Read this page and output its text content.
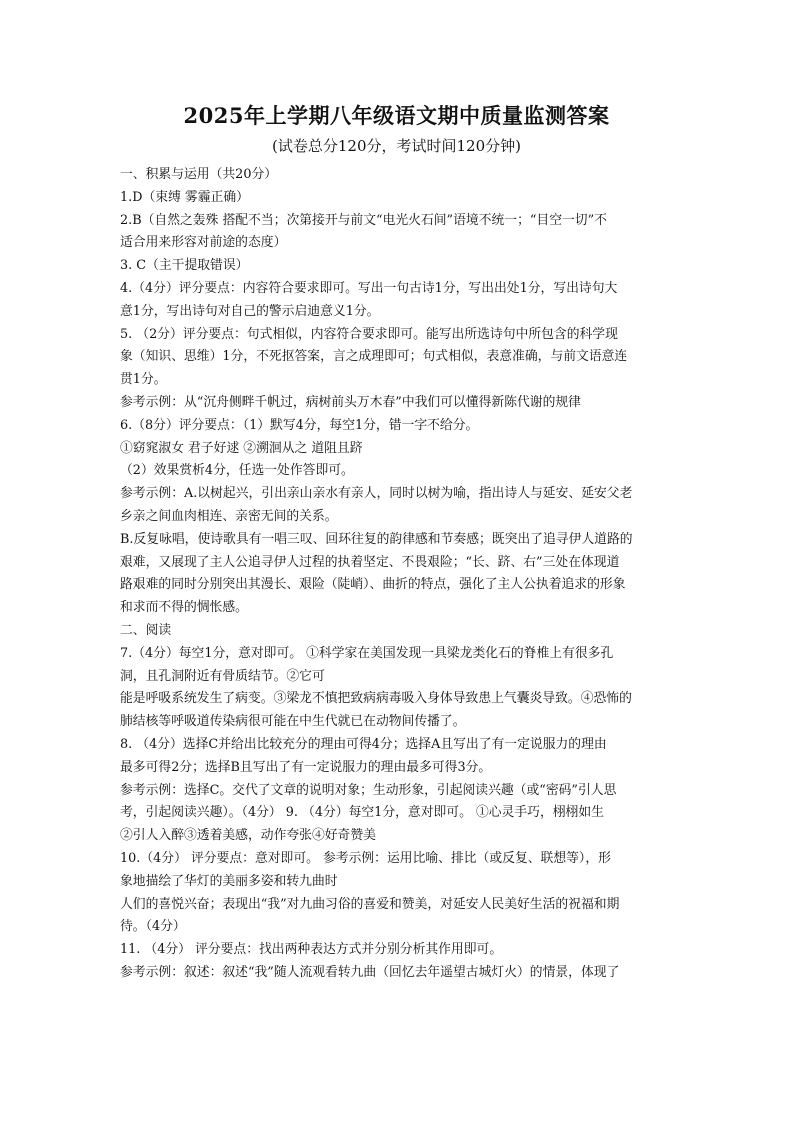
2025年上学期八年级语文期中质量监测答案
(试卷总分120分，考试时间120分钟)

一、积累与运用（共20分）

1.D（束缚 雾霾正确）

2.B（自然之轰殊 搭配不当；次第接开与前文“电光火石间”语境不统一；“目空一切”不

适合用来形容对前途的态度）

3. C（主干提取错误）

4.（4分）评分要点：内容符合要求即可。写出一句古诗1分，写出出处1分，写出诗句大

意1分，写出诗句对自己的警示启迪意义1分。

5. （2分）评分要点：句式相似，内容符合要求即可。能写出所选诗句中所包含的科学现

象（知识、思维）1分，不死抠答案，言之成理即可；句式相似，表意准确，与前文语意连

贯1分。

参考示例：从“沉舟侧畔千帆过，病树前头万木春”中我们可以懂得新陈代谢的规律

6.（8分）评分要点：（1）默写4分，每空1分，错一字不给分。

①窈窕淑女 君子好逑 ②溯洄从之 道阻且跻

（2）效果赏析4分，任选一处作答即可。

参考示例：A.以树起兴，引出亲山亲水有亲人，同时以树为喻，指出诗人与延安、延安父老

乡亲之间血肉相连、亲密无间的关系。

B.反复咏唱，使诗歌具有一唱三叹、回环往复的韵律感和节奏感；既突出了追寻伊人道路的

艰难，又展现了主人公追寻伊人过程的执着坚定、不畏艰险；“长、跻、右”三处在体现道

路艰难的同时分别突出其漫长、艰险（陡峭）、曲折的特点，强化了主人公执着追求的形象

和求而不得的惆怅感。

二、阅读

7.（4分）每空1分，意对即可。 ①科学家在美国发现一具梁龙类化石的脊椎上有很多孔

洞，且孔洞附近有骨质结节。②它可

能是呼吸系统发生了病变。③梁龙不慎把致病病毒吸入身体导致患上气囊炎导致。④恐怖的

肺结核等呼吸道传染病很可能在中生代就已在动物间传播了。

8. （4分）选择C并给出比较充分的理由可得4分；选择A且写出了有一定说服力的理由

最多可得2分；选择B且写出了有一定说服力的理由最多可得3分。

参考示例：选择C。交代了文章的说明对象；生动形象，引起阅读兴趣（或“密码”引人思

考，引起阅读兴趣）。（4分） 9. （4分）每空1分，意对即可。 ①心灵手巧，栩栩如生

②引人入醉③透着美感，动作夸张④好奇赞美

10.（4分） 评分要点：意对即可。 参考示例：运用比喻、排比（或反复、联想等），形

象地描绘了华灯的美丽多姿和转九曲时

人们的喜悦兴奋；表现出“我”对九曲习俗的喜爱和赞美，对延安人民美好生活的祝福和期

待。（4分）

11. （4分） 评分要点：找出两种表达方式并分别分析其作用即可。

参考示例：叙述：叙述“我”随人流观看转九曲（回忆去年遥望古城灯火）的情景，体现了
